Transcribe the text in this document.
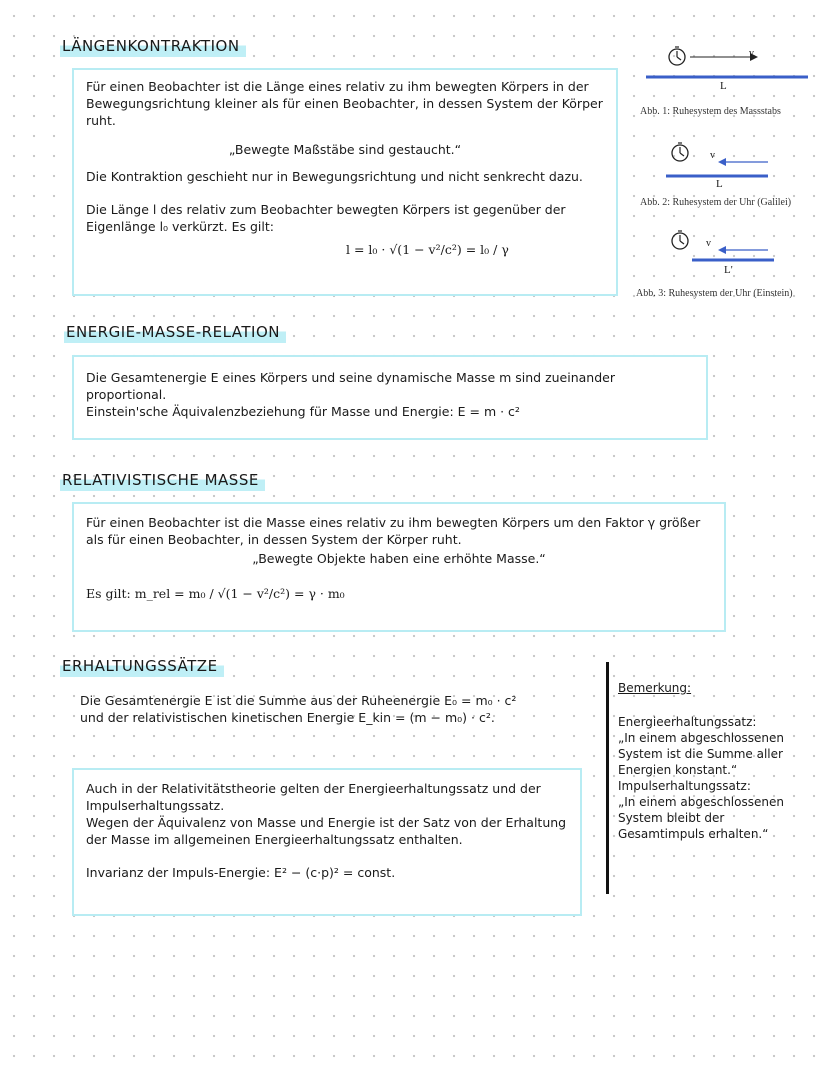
LÄNGENKONTRAKTION

Für einen Beobachter ist die Länge eines relativ zu ihm bewegten Körpers in der Bewegungsrichtung kleiner als für einen Beobachter, in dessen System der Körper ruht.

„Bewegte Maßstäbe sind gestaucht.“

Die Kontraktion geschieht nur in Bewegungsrichtung und nicht senkrecht dazu.

Die Länge l des relativ zum Beobachter bewegten Körpers ist gegenüber der Eigenlänge l₀ verkürzt. Es gilt:

l = l₀ · √(1 − v²/c²) = l₀ / γ

v
L
Abb. 1: Ruhesystem des Massstabs
v
L
Abb. 2: Ruhesystem der Uhr (Galilei)
v
L'
Abb. 3: Ruhesystem der Uhr (Einstein)
ENERGIE-MASSE-RELATION

Die Gesamtenergie E eines Körpers und seine dynamische Masse m sind zueinander proportional.

Einstein'sche Äquivalenzbeziehung für Masse und Energie: E = m · c²

RELATIVISTISCHE MASSE

Für einen Beobachter ist die Masse eines relativ zu ihm bewegten Körpers um den Faktor γ größer als für einen Beobachter, in dessen System der Körper ruht.

„Bewegte Objekte haben eine erhöhte Masse.“

Es gilt: m_rel = m₀ / √(1 − v²/c²) = γ · m₀

ERHALTUNGSSÄTZE

Die Gesamtenergie E ist die Summe aus der Ruheenergie E₀ = m₀ · c² und der relativistischen kinetischen Energie E_kin = (m − m₀) · c².

Auch in der Relativitätstheorie gelten der Energieerhaltungssatz und der Impulserhaltungssatz.

Wegen der Äquivalenz von Masse und Energie ist der Satz von der Erhaltung der Masse im allgemeinen Energieerhaltungssatz enthalten.

Invarianz der Impuls-Energie: E² − (c·p)² = const.

Bemerkung:

Energieerhaltungssatz:

„In einem abgeschlossenen System ist die Summe aller Energien konstant.“

Impulserhaltungssatz:

„In einem abgeschlossenen System bleibt der Gesamtimpuls erhalten.“
